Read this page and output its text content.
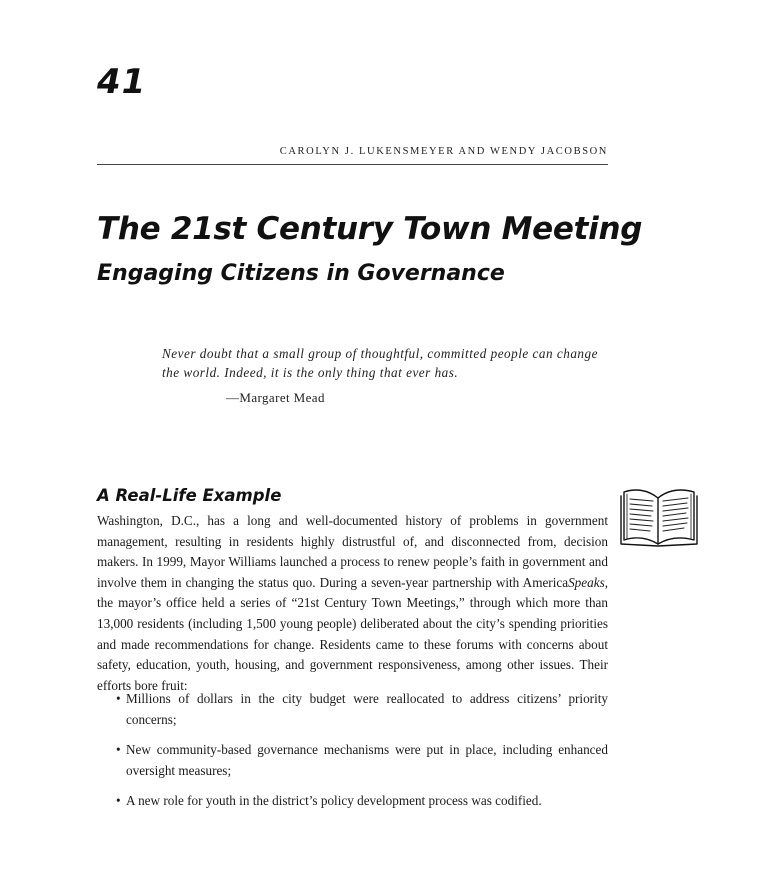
41
CAROLYN J. LUKENSMEYER AND WENDY JACOBSON
The 21st Century Town Meeting
Engaging Citizens in Governance
Never doubt that a small group of thoughtful, committed people can change the world. Indeed, it is the only thing that ever has.
—Margaret Mead
A Real-Life Example

Washington, D.C., has a long and well-documented history of problems in government management, resulting in residents highly distrustful of, and disconnected from, decision makers. In 1999, Mayor Williams launched a process to renew people’s faith in government and involve them in changing the status quo. During a seven-year partnership with AmericaSpeaks, the mayor’s office held a series of “21st Century Town Meetings,” through which more than 13,000 residents (including 1,500 young people) deliberated about the city’s spending priorities and made recommendations for change. Residents came to these forums with concerns about safety, education, youth, housing, and government responsiveness, among other issues. Their efforts bore fruit:

• Millions of dollars in the city budget were reallocated to address citizens’ priority concerns;
• New community-based governance mechanisms were put in place, including enhanced oversight measures;
• A new role for youth in the district’s policy development process was codified.
